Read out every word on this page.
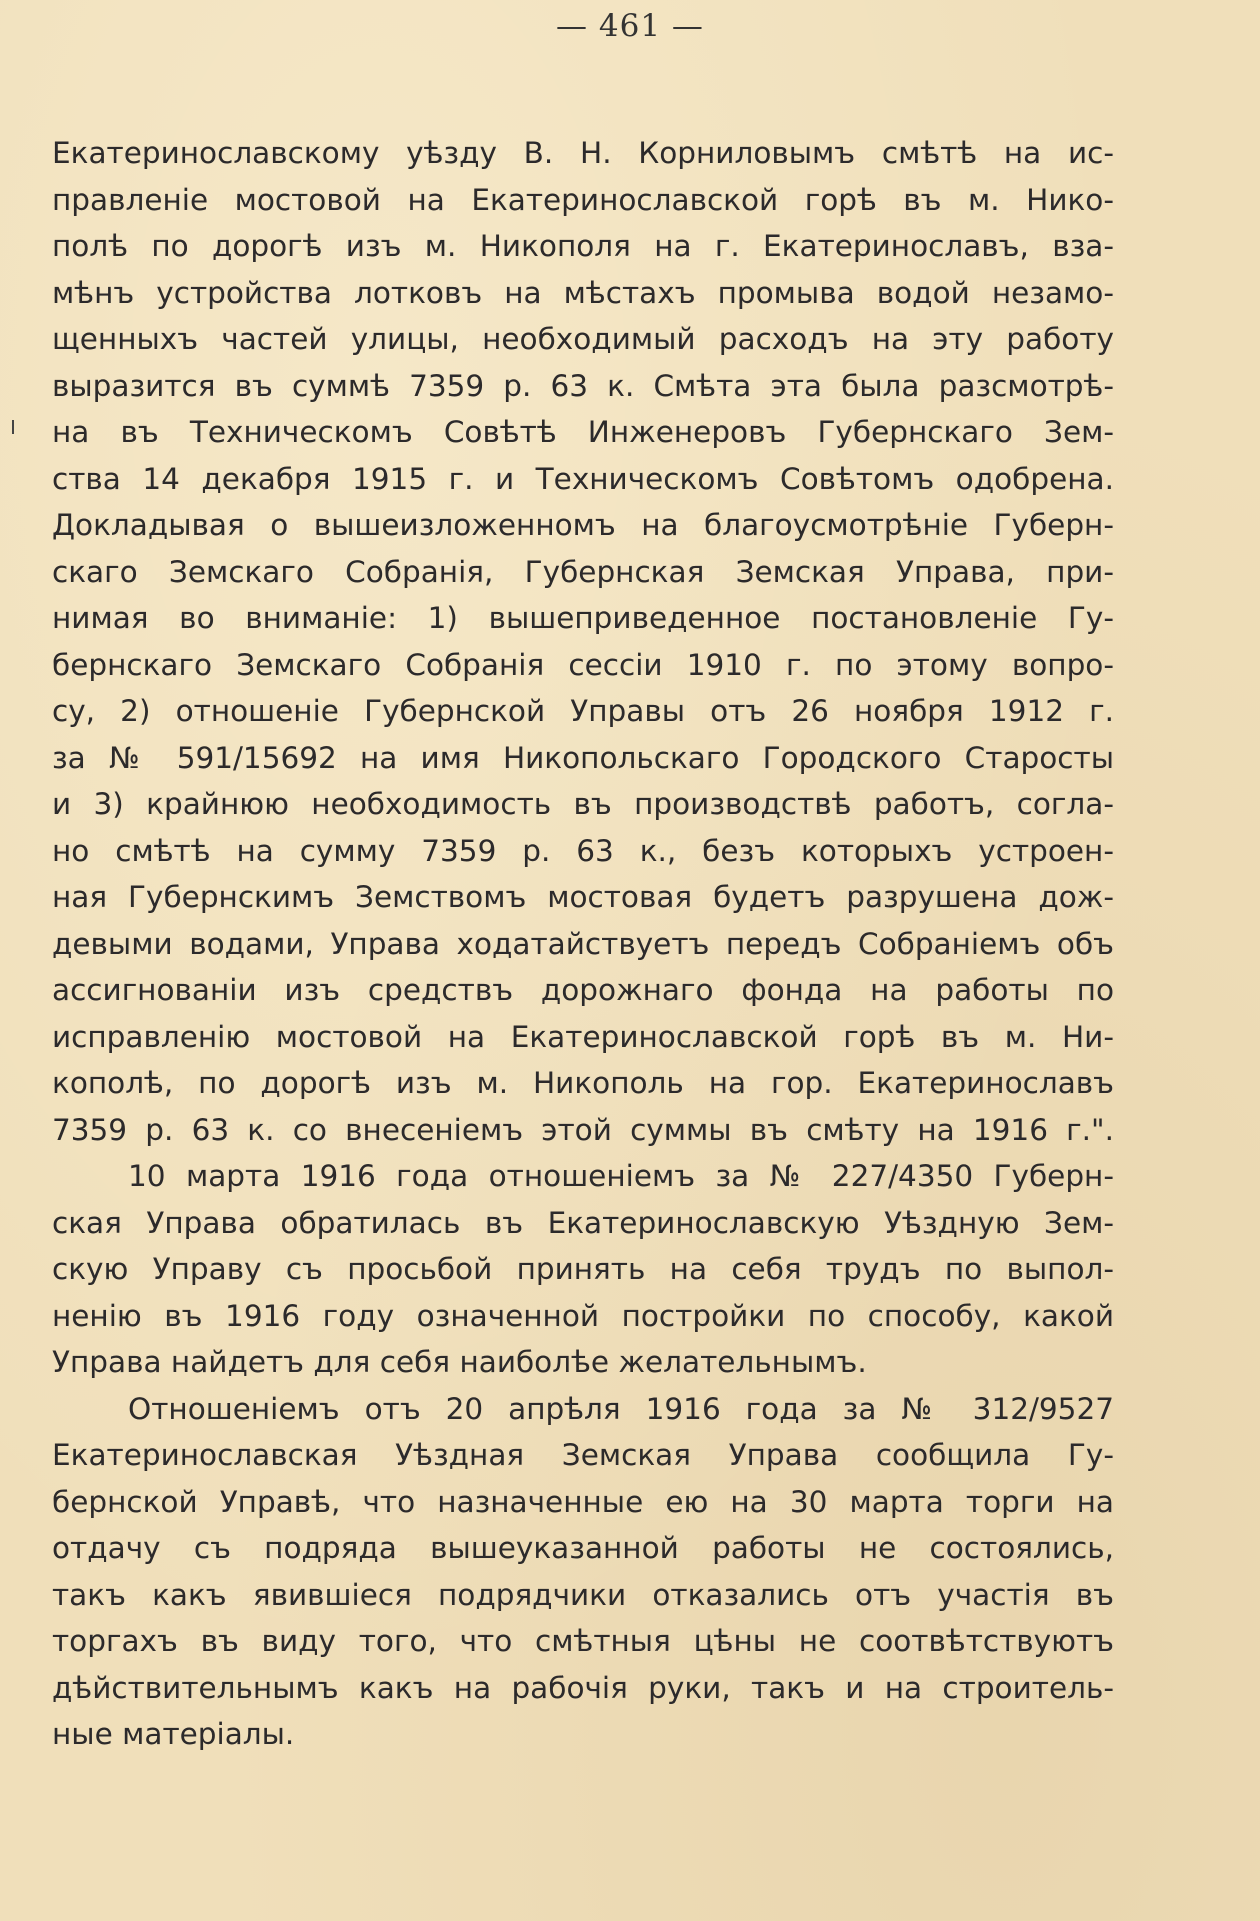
— 461 —
Екатеринославскому уѣзду В. Н. Корниловымъ смѣтѣ на ис-
правленіе мостовой на Екатеринославской горѣ въ м. Нико-
полѣ по дорогѣ изъ м. Никополя на г. Екатеринославъ, вза-
мѣнъ устройства лотковъ на мѣстахъ промыва водой незамо-
щенныхъ частей улицы, необходимый расходъ на эту работу
выразится въ суммѣ 7359 р. 63 к. Смѣта эта была разсмотрѣ-
на въ Техническомъ Совѣтѣ Инженеровъ Губернскаго Зем-
ства 14 декабря 1915 г. и Техническомъ Совѣтомъ одобрена.
Докладывая о вышеизложенномъ на благоусмотрѣніе Губерн-
скаго Земскаго Собранія, Губернская Земская Управа, при-
нимая во вниманіе: 1) вышеприведенное постановленіе Гу-
бернскаго Земскаго Собранія сессіи 1910 г. по этому вопро-
су, 2) отношеніе Губернской Управы отъ 26 ноября 1912 г.
за № 591/15692 на имя Никопольскаго Городского Старосты
и 3) крайнюю необходимость въ производствѣ работъ, согла-
но смѣтѣ на сумму 7359 р. 63 к., безъ которыхъ устроен-
ная Губернскимъ Земствомъ мостовая будетъ разрушена дож-
девыми водами, Управа ходатайствуетъ передъ Собраніемъ объ
ассигнованіи изъ средствъ дорожнаго фонда на работы по
исправленію мостовой на Екатеринославской горѣ въ м. Ни-
кополѣ, по дорогѣ изъ м. Никополь на гор. Екатеринославъ
7359 р. 63 к. со внесеніемъ этой суммы въ смѣту на 1916 г.".
10 марта 1916 года отношеніемъ за № 227/4350 Губерн-
ская Управа обратилась въ Екатеринославскую Уѣздную Зем-
скую Управу съ просьбой принять на себя трудъ по выпол-
ненію въ 1916 году означенной постройки по способу, какой
Управа найдетъ для себя наиболѣе желательнымъ.
Отношеніемъ отъ 20 апрѣля 1916 года за № 312/9527
Екатеринославская Уѣздная Земская Управа сообщила Гу-
бернской Управѣ, что назначенные ею на 30 марта торги на
отдачу съ подряда вышеуказанной работы не состоялись,
такъ какъ явившіеся подрядчики отказались отъ участія въ
торгахъ въ виду того, что смѣтныя цѣны не соотвѣтствуютъ
дѣйствительнымъ какъ на рабочія руки, такъ и на строитель-
ные матеріалы.
